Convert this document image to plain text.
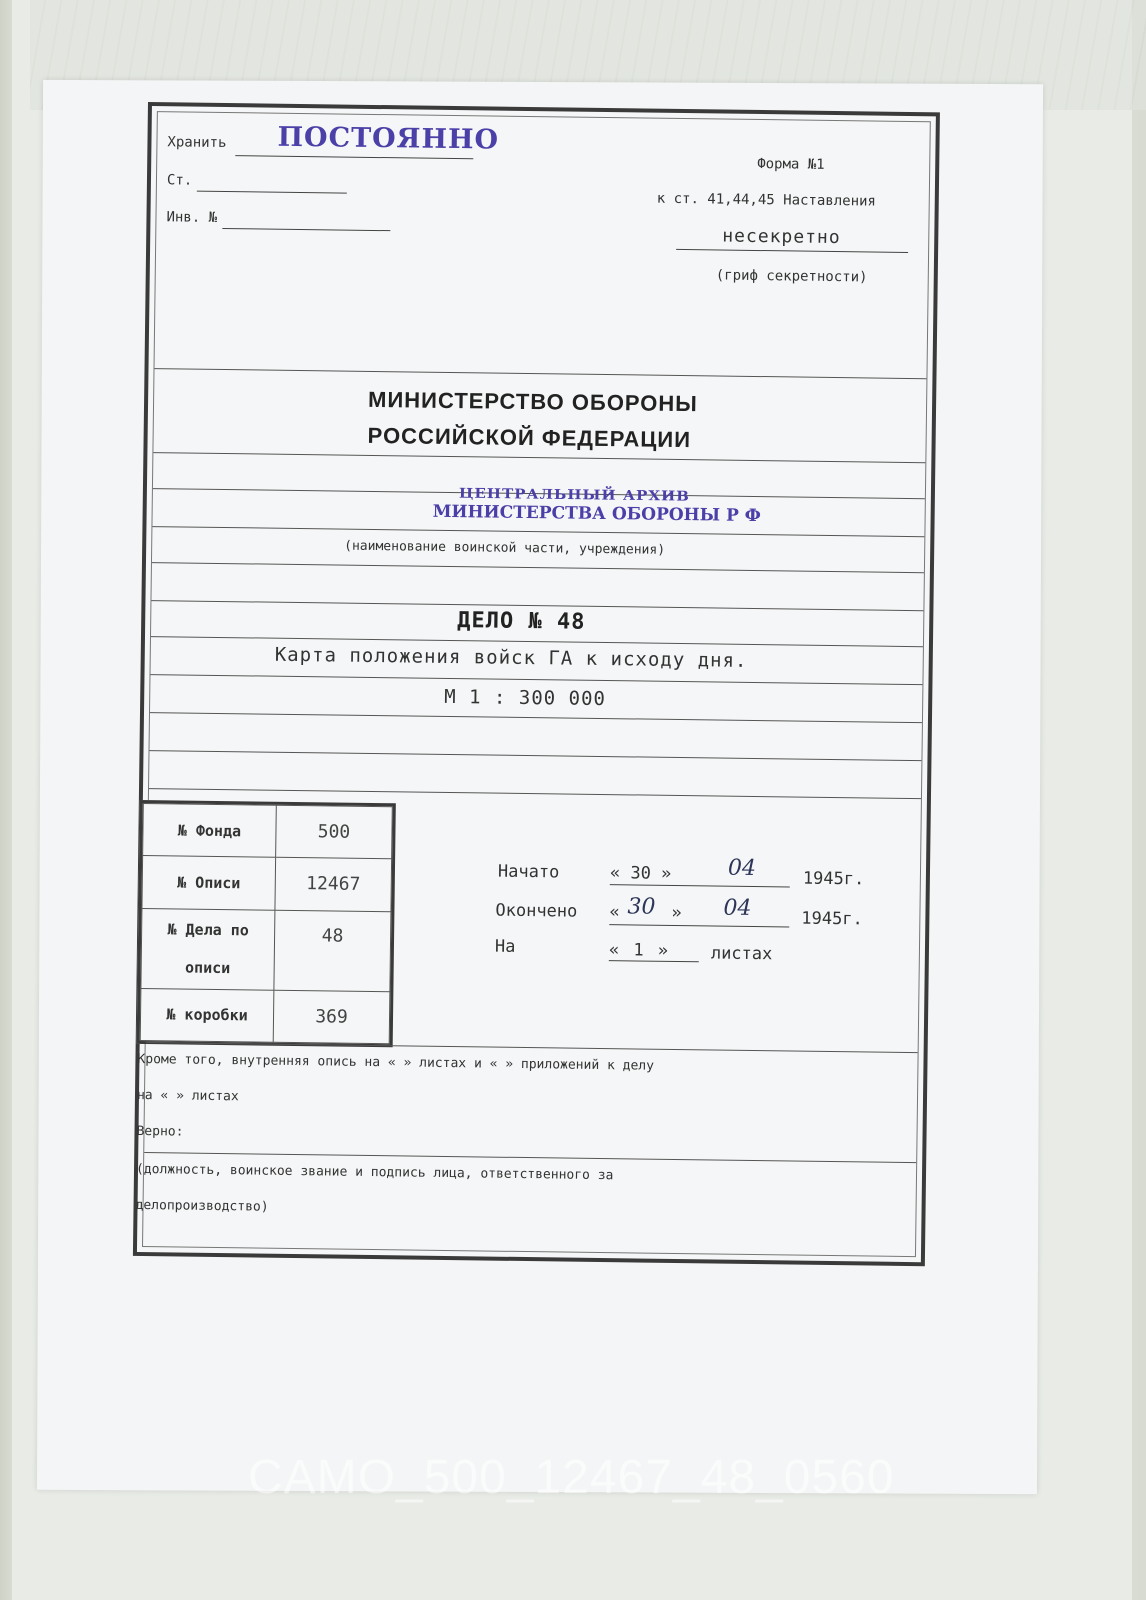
Хранить ПОСТОЯННО
Ст.
Инв. №
Форма №1
к ст. 41,44,45 Наставления
несекретно
(гриф секретности)
МИНИСТЕРСТВО ОБОРОНЫ
РОССИЙСКОЙ ФЕДЕРАЦИИ
ЦЕНТРАЛЬНЫЙ АРХИВ
МИНИСТЕРСТВА ОБОРОНЫ Р Ф
(наименование воинской части, учреждения)
ДЕЛО № 48
Карта положения войск ГА к исходу дня.
М 1 : 300 000
№ Фонда	500
№ Описи	12467
№ Дела по описи	48
№ коробки	369
Начато	« 30 »	04	1945г.
Окончено « 30 » 04	1945г.
На	« 1 » листах
Кроме того, внутренняя опись на « » листах и « » приложений к делу
на « » листах
Верно:
(должность, воинское звание и подпись лица, ответственного за
делопроизводство)
CAMO_500_12467_48_0560
